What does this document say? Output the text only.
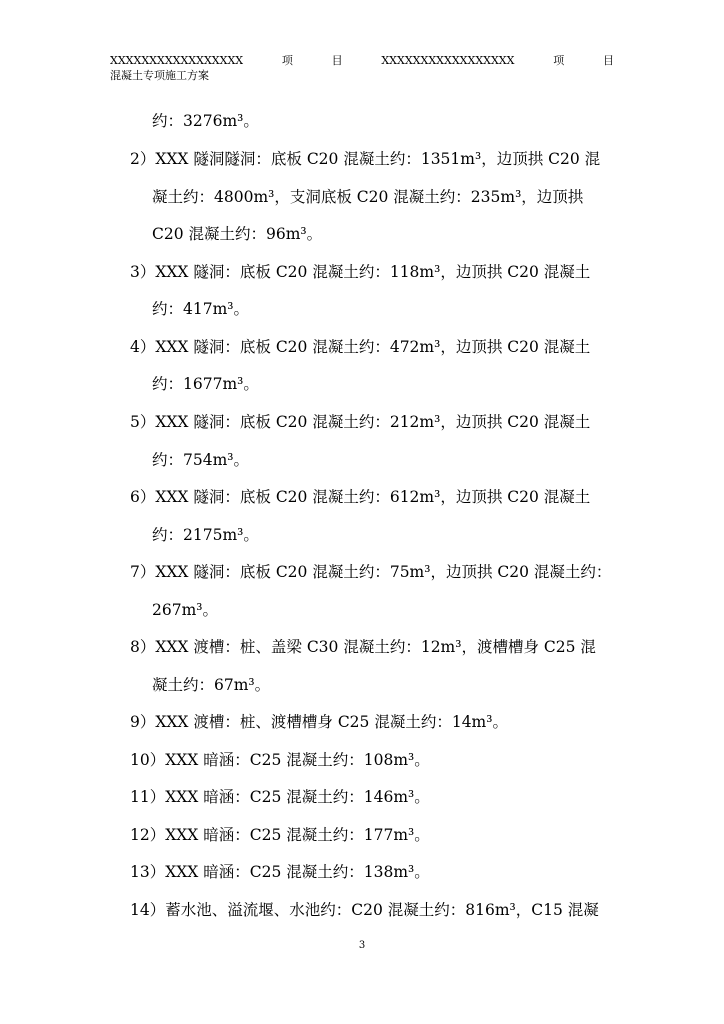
XXXXXXXXXXXXXXXXX	项	目	XXXXXXXXXXXXXXXXX	项	目
混凝土专项施工方案
约：3276m³。
2）XXX 隧洞隧洞：底板 C20 混凝土约：1351m³，边顶拱 C20 混
凝土约：4800m³，支洞底板 C20 混凝土约：235m³，边顶拱
C20 混凝土约：96m³。
3）XXX 隧洞：底板 C20 混凝土约：118m³，边顶拱 C20 混凝土
约：417m³。
4）XXX 隧洞：底板 C20 混凝土约：472m³，边顶拱 C20 混凝土
约：1677m³。
5）XXX 隧洞：底板 C20 混凝土约：212m³，边顶拱 C20 混凝土
约：754m³。
6）XXX 隧洞：底板 C20 混凝土约：612m³，边顶拱 C20 混凝土
约：2175m³。
7）XXX 隧洞：底板 C20 混凝土约：75m³，边顶拱 C20 混凝土约：
267m³。
8）XXX 渡槽：桩、盖梁 C30 混凝土约：12m³，渡槽槽身 C25 混
凝土约：67m³。
9）XXX 渡槽：桩、渡槽槽身 C25 混凝土约：14m³。
10）XXX 暗涵：C25 混凝土约：108m³。
11）XXX 暗涵：C25 混凝土约：146m³。
12）XXX 暗涵：C25 混凝土约：177m³。
13）XXX 暗涵：C25 混凝土约：138m³。
14）蓄水池、溢流堰、水池约：C20 混凝土约：816m³，C15 混凝
3
